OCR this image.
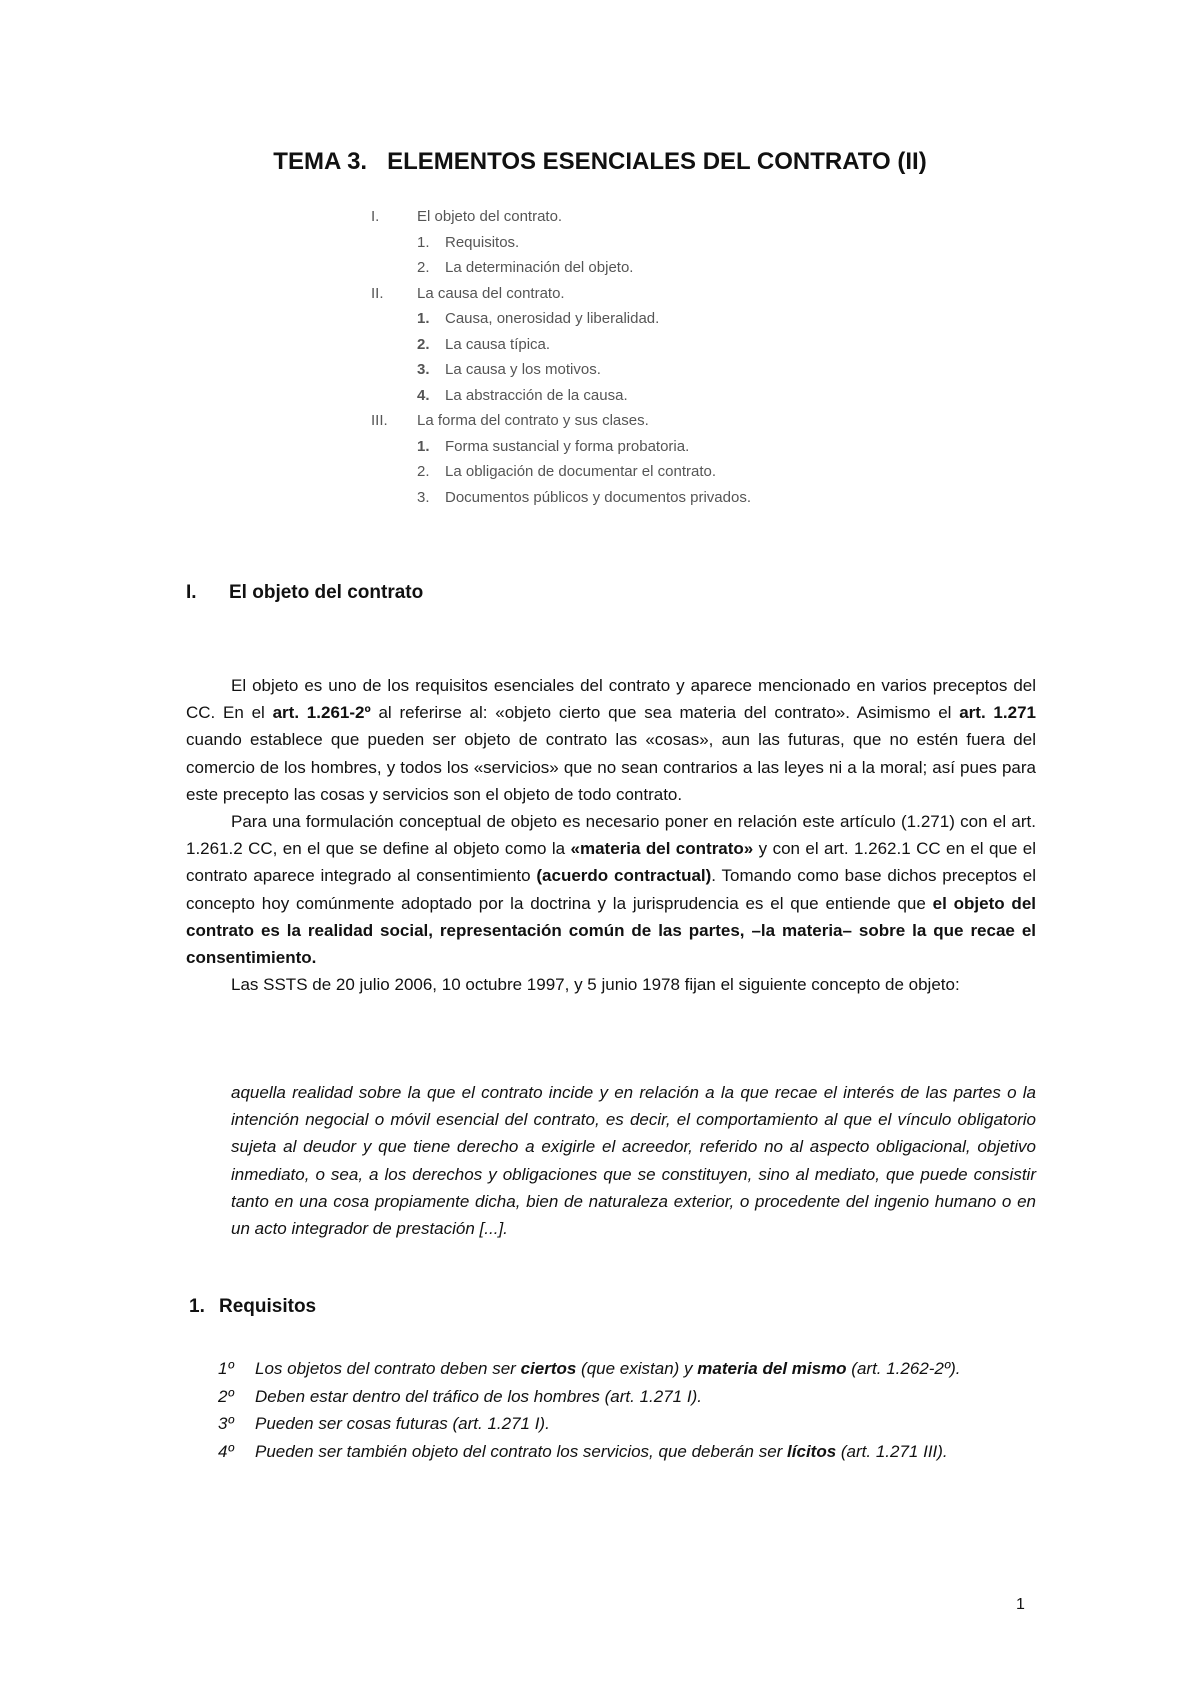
TEMA 3.   ELEMENTOS ESENCIALES DEL CONTRATO (II)
I.	El objeto del contrato.
1. Requisitos.
2. La determinación del objeto.
II. La causa del contrato.
1. Causa, onerosidad y liberalidad.
2. La causa típica.
3. La causa y los motivos.
4. La abstracción de la causa.
III. La forma del contrato y sus clases.
1. Forma sustancial y forma probatoria.
2. La obligación de documentar el contrato.
3. Documentos públicos y documentos privados.
I. El objeto del contrato

El objeto es uno de los requisitos esenciales del contrato y aparece mencionado en varios preceptos del CC. En el art. 1.261-2º al referirse al: «objeto cierto que sea materia del contrato». Asimismo el art. 1.271 cuando establece que pueden ser objeto de contrato las «cosas», aun las futuras, que no estén fuera del comercio de los hombres, y todos los «servicios» que no sean contrarios a las leyes ni a la moral; así pues para este precepto las cosas y servicios son el objeto de todo contrato.

Para una formulación conceptual de objeto es necesario poner en relación este artículo (1.271) con el art. 1.261.2 CC, en el que se define al objeto como la «materia del contrato» y con el art. 1.262.1 CC en el que el contrato aparece integrado al consentimiento (acuerdo contractual). Tomando como base dichos preceptos el concepto hoy comúnmente adoptado por la doctrina y la jurisprudencia es el que entiende que el objeto del contrato es la realidad social, representación común de las partes, –la materia– sobre la que recae el consentimiento.

Las SSTS de 20 julio 2006, 10 octubre 1997, y 5 junio 1978 fijan el siguiente concepto de objeto:

aquella realidad sobre la que el contrato incide y en relación a la que recae el interés de las partes o la intención negocial o móvil esencial del contrato, es decir, el comportamiento al que el vínculo obligatorio sujeta al deudor y que tiene derecho a exigirle el acreedor, referido no al aspecto obligacional, objetivo inmediato, o sea, a los derechos y obligaciones que se constituyen, sino al mediato, que puede consistir tanto en una cosa propiamente dicha, bien de naturaleza exterior, o procedente del ingenio humano o en un acto integrador de prestación [...].

1. Requisitos

1º Los objetos del contrato deben ser ciertos (que existan) y materia del mismo (art. 1.262-2º).

2º Deben estar dentro del tráfico de los hombres (art. 1.271 I).

3º Pueden ser cosas futuras (art. 1.271 I).

4º Pueden ser también objeto del contrato los servicios, que deberán ser lícitos (art. 1.271 III).

1
